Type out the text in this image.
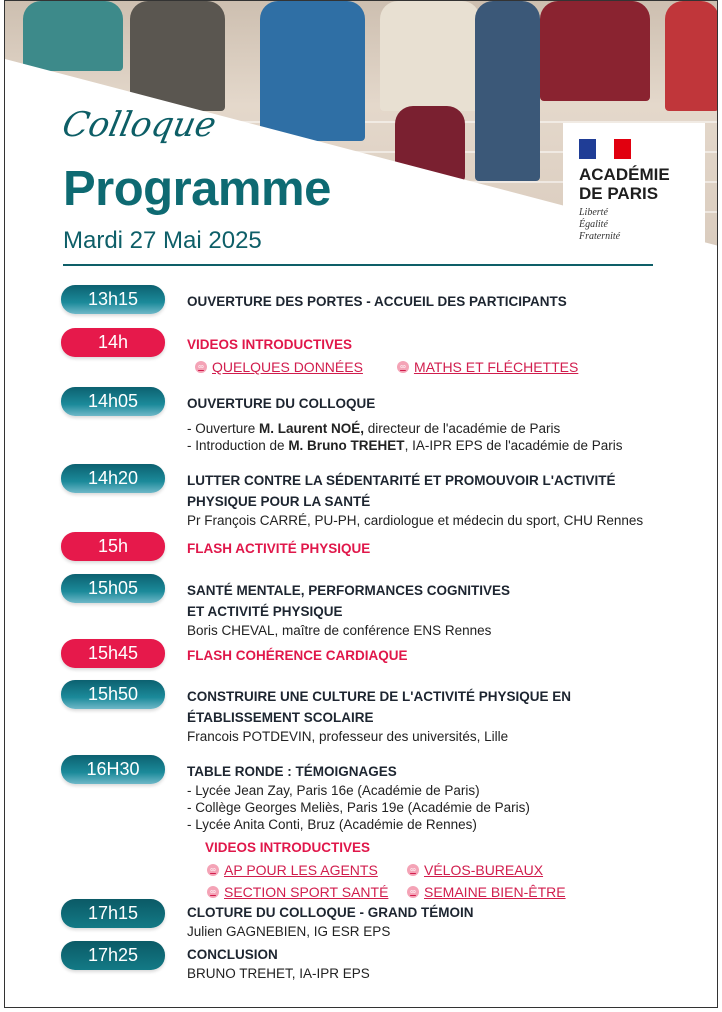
ACADÉMIE
DE PARIS
Liberté
Égalité
Fraternité
Colloque
Programme
Mardi 27 Mai 2025
13h15	OUVERTURE DES PORTES - ACCUEIL DES PARTICIPANTS
14h	VIDEOS INTRODUCTIVES
∞ QUELQUES DONNÉES	∞ MATHS ET FLÉCHETTES
14h05	OUVERTURE DU COLLOQUE
- Ouverture M. Laurent NOÉ, directeur de l'académie de Paris
- Introduction de M. Bruno TREHET, IA-IPR EPS de l'académie de Paris
14h20	LUTTER CONTRE LA SÉDENTARITÉ ET PROMOUVOIR L'ACTIVITÉ
PHYSIQUE POUR LA SANTÉ
Pr François CARRÉ, PU-PH, cardiologue et médecin du sport, CHU Rennes
15h	FLASH ACTIVITÉ PHYSIQUE
15h05	SANTÉ MENTALE, PERFORMANCES COGNITIVES
ET ACTIVITÉ PHYSIQUE
Boris CHEVAL, maître de conférence ENS Rennes
15h45	FLASH COHÉRENCE CARDIAQUE
15h50	CONSTRUIRE UNE CULTURE DE L'ACTIVITÉ PHYSIQUE EN
ÉTABLISSEMENT SCOLAIRE
Francois POTDEVIN, professeur des universités, Lille
16H30	TABLE RONDE : TÉMOIGNAGES
- Lycée Jean Zay, Paris 16e (Académie de Paris)
- Collège Georges Meliès, Paris 19e (Académie de Paris)
- Lycée Anita Conti, Bruz (Académie de Rennes)
VIDEOS INTRODUCTIVES
∞ AP POUR LES AGENTS	∞ VÉLOS-BUREAUX
∞ SECTION SPORT SANTÉ	∞ SEMAINE BIEN-ÊTRE
17h15	CLOTURE DU COLLOQUE - GRAND TÉMOIN
Julien GAGNEBIEN, IG ESR EPS
17h25	CONCLUSION
BRUNO TREHET, IA-IPR EPS
